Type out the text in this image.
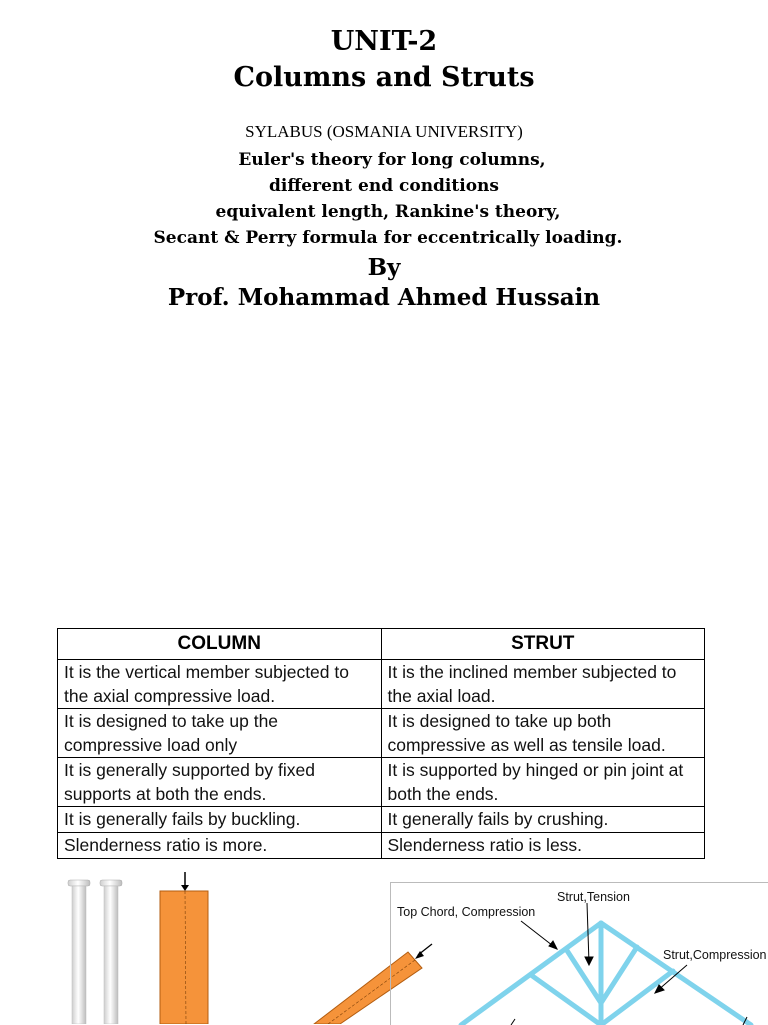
UNIT-2
Columns and Struts
SYLABUS (OSMANIA UNIVERSITY)
Euler's theory for long columns,
different end conditions
equivalent length, Rankine's theory,
Secant & Perry formula for eccentrically loading.
By
Prof. Mohammad Ahmed Hussain
COLUMN	STRUT
It is the vertical member subjected to the axial compressive load.	It is the inclined member subjected to the axial load.
It is designed to take up the compressive load only	It is designed to take up both compressive as well as tensile load.
It is generally supported by fixed supports at both the ends.	It is supported by hinged or pin joint at both the ends.
It is generally fails by buckling.	It generally fails by crushing.
Slenderness ratio is more.	Slenderness ratio is less.
Top Chord, Compression
Strut,Tension
Strut,Compression
